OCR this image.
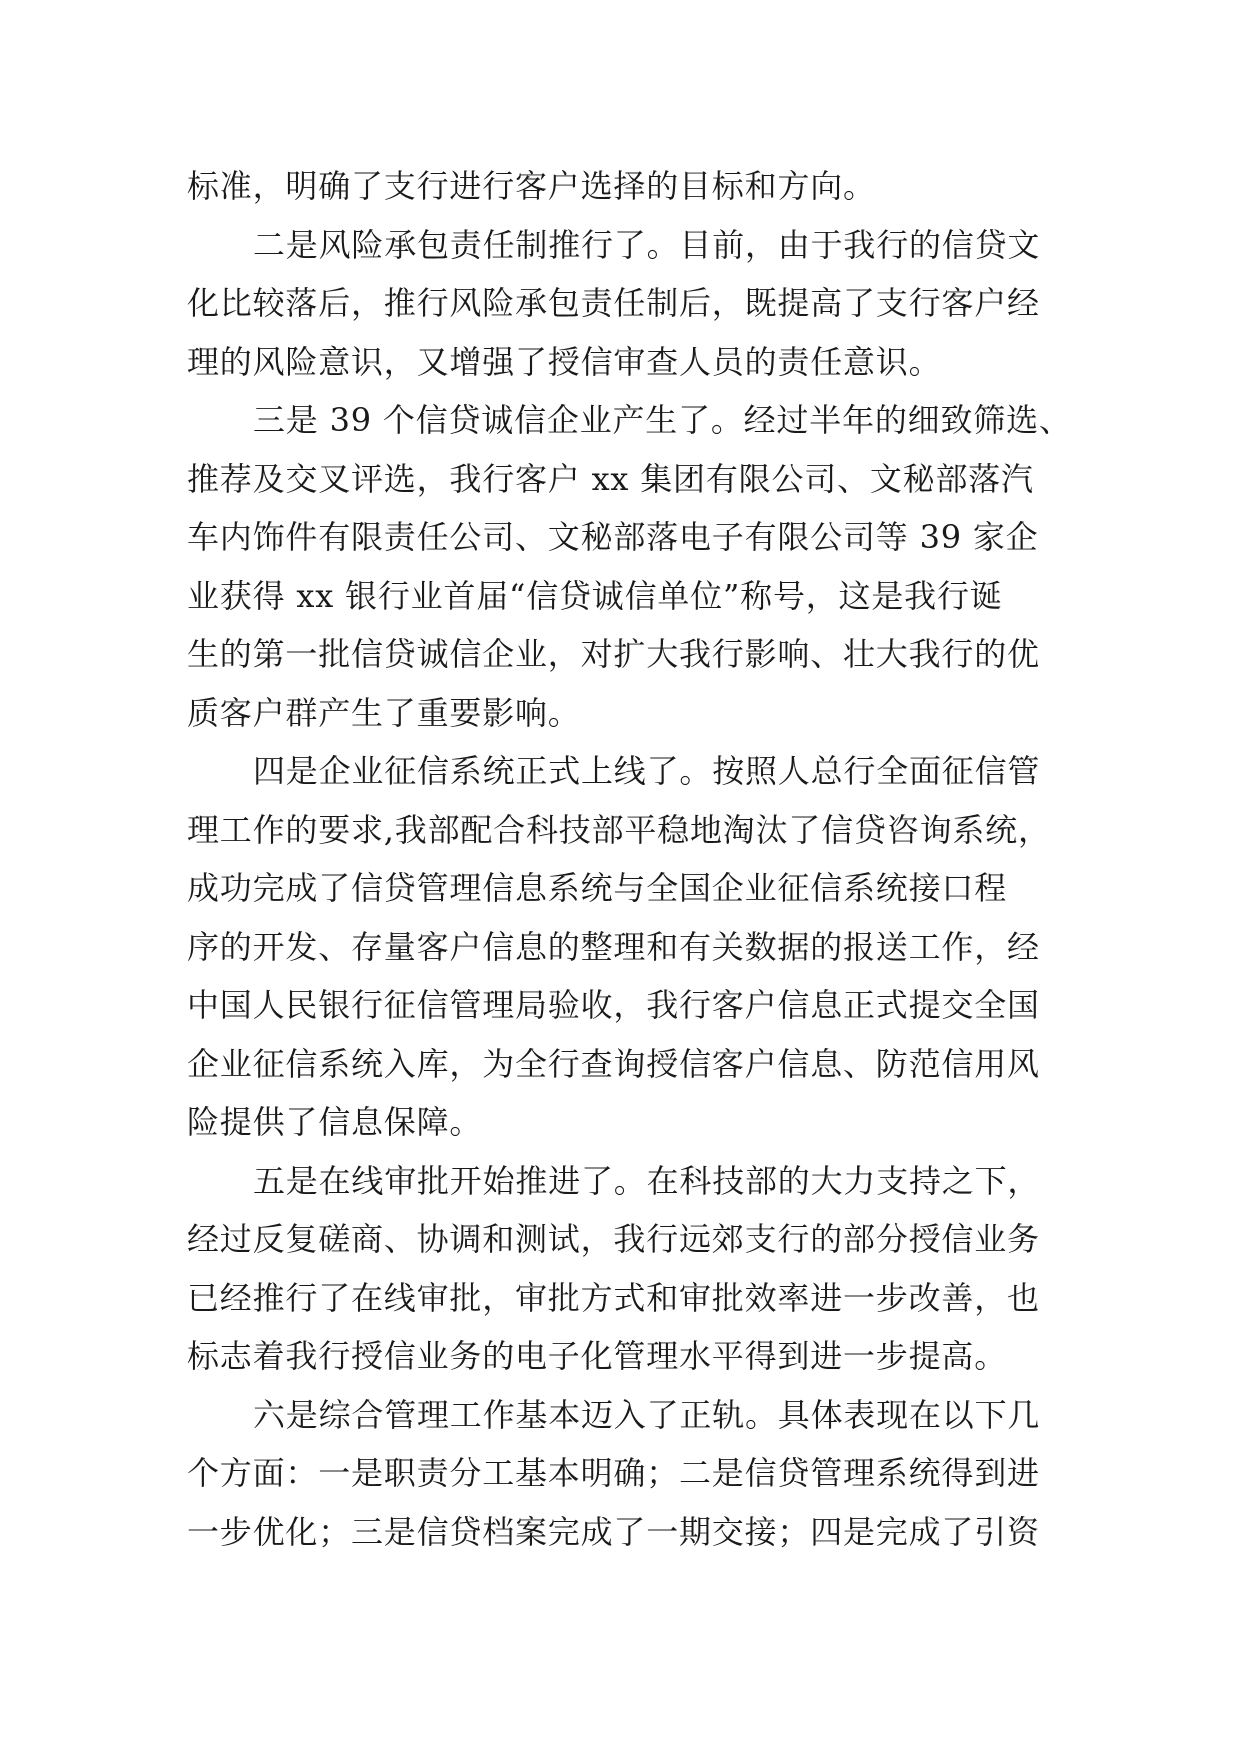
标准，明确了支行进行客户选择的目标和方向。
二是风险承包责任制推行了。目前，由于我行的信贷文
化比较落后，推行风险承包责任制后，既提高了支行客户经
理的风险意识，又增强了授信审查人员的责任意识。
三是 39 个信贷诚信企业产生了。经过半年的细致筛选、
推荐及交叉评选，我行客户 xx 集团有限公司、文秘部落汽
车内饰件有限责任公司、文秘部落电子有限公司等 39 家企
业获得 xx 银行业首届“信贷诚信单位”称号，这是我行诞
生的第一批信贷诚信企业，对扩大我行影响、壮大我行的优
质客户群产生了重要影响。
四是企业征信系统正式上线了。按照人总行全面征信管
理工作的要求,我部配合科技部平稳地淘汰了信贷咨询系统，
成功完成了信贷管理信息系统与全国企业征信系统接口程
序的开发、存量客户信息的整理和有关数据的报送工作，经
中国人民银行征信管理局验收，我行客户信息正式提交全国
企业征信系统入库，为全行查询授信客户信息、防范信用风
险提供了信息保障。
五是在线审批开始推进了。在科技部的大力支持之下，
经过反复磋商、协调和测试，我行远郊支行的部分授信业务
已经推行了在线审批，审批方式和审批效率进一步改善，也
标志着我行授信业务的电子化管理水平得到进一步提高。
六是综合管理工作基本迈入了正轨。具体表现在以下几
个方面：一是职责分工基本明确；二是信贷管理系统得到进
一步优化；三是信贷档案完成了一期交接；四是完成了引资
